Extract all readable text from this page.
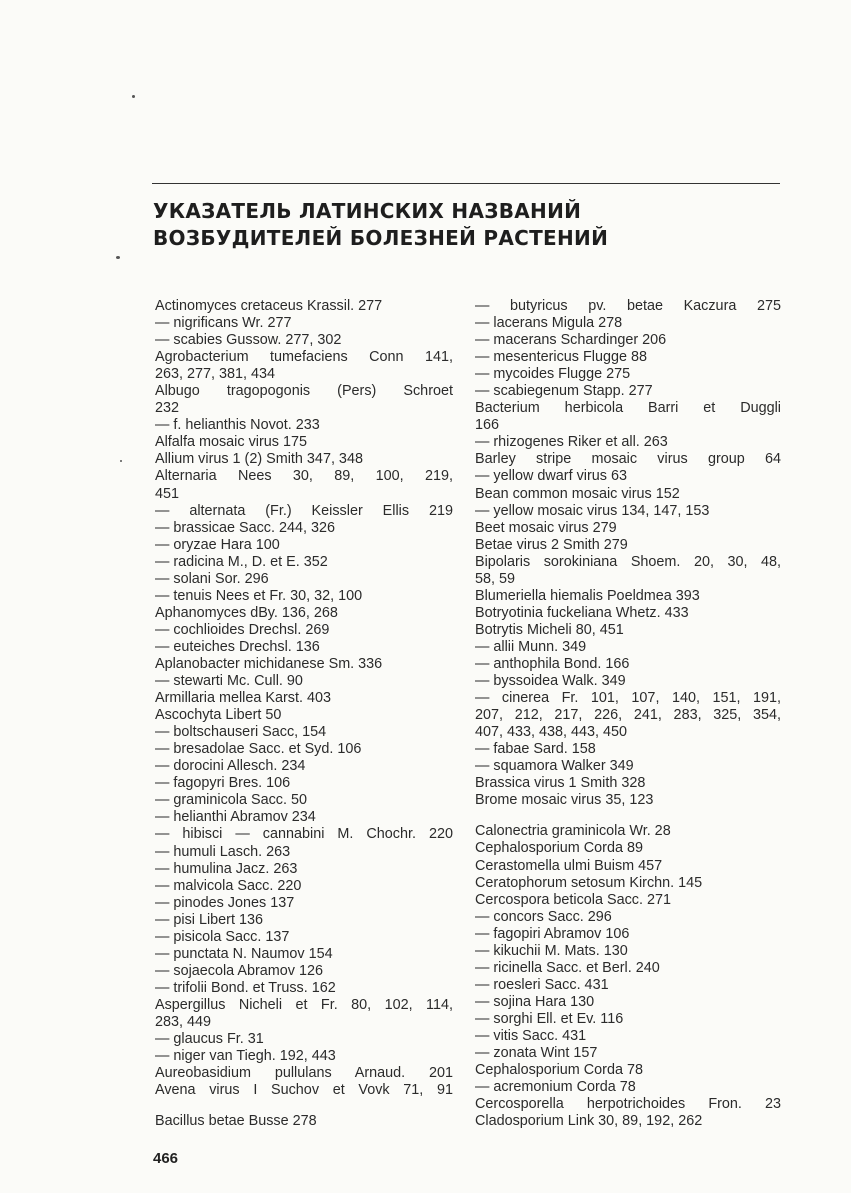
УКАЗАТЕЛЬ ЛАТИНСКИХ НАЗВАНИЙ
ВОЗБУДИТЕЛЕЙ БОЛЕЗНЕЙ РАСТЕНИЙ
Actinomyces cretaceus Krassil. 277
— nigrificans Wr. 277
— scabies Gussow. 277, 302
Agrobacterium tumefaciens Conn 141,
263, 277, 381, 434
Albugo tragopogonis (Pers) Schroet
232
— f. helianthis Novot. 233
Alfalfa mosaic virus 175
Allium virus 1 (2) Smith 347, 348
Alternaria Nees 30, 89, 100, 219,
451
— alternata (Fr.) Keissler Ellis 219
— brassicae Sacc. 244, 326
— oryzae Hara 100
— radicina M., D. et E. 352
— solani Sor. 296
— tenuis Nees et Fr. 30, 32, 100
Aphanomyces dBy. 136, 268
— cochlioides Drechsl. 269
— euteiches Drechsl. 136
Aplanobacter michidanese Sm. 336
— stewarti Mc. Cull. 90
Armillaria mellea Karst. 403
Ascochyta Libert 50
— boltschauseri Sacc, 154
— bresadolae Sacc. et Syd. 106
— dorocini Allesch. 234
— fagopyri Bres. 106
— graminicola Sacc. 50
— helianthi Abramov 234
— hibisci — cannabini M. Chochr. 220
— humuli Lasch. 263
— humulina Jacz. 263
— malvicola Sacc. 220
— pinodes Jones 137
— pisi Libert 136
— pisicola Sacc. 137
— punctata N. Naumov 154
— sojaecola Abramov 126
— trifolii Bond. et Truss. 162
Aspergillus Nicheli et Fr. 80, 102, 114,
283, 449
— glaucus Fr. 31
— niger van Tiegh. 192, 443
Aureobasidium pullulans Arnaud. 201
Avena virus I Suchov et Vovk 71, 91
Bacillus betae Busse 278
— butyricus pv. betae Kaczura 275
— lacerans Migula 278
— macerans Schardinger 206
— mesentericus Flugge 88
— mycoides Flugge 275
— scabiegenum Stapp. 277
Bacterium herbicola Barri et Duggli
166
— rhizogenes Riker et all. 263
Barley stripe mosaic virus group 64
— yellow dwarf virus 63
Bean common mosaic virus 152
— yellow mosaic virus 134, 147, 153
Beet mosaic virus 279
Betae virus 2 Smith 279
Bipolaris sorokiniana Shoem. 20, 30, 48,
58, 59
Blumeriella hiemalis Poeldmea 393
Botryotinia fuckeliana Whetz. 433
Botrytis Micheli 80, 451
— allii Munn. 349
— anthophila Bond. 166
— byssoidea Walk. 349
— cinerea Fr. 101, 107, 140, 151, 191,
207, 212, 217, 226, 241, 283, 325, 354,
407, 433, 438, 443, 450
— fabae Sard. 158
— squamora Walker 349
Brassica virus 1 Smith 328
Brome mosaic virus 35, 123
Calonectria graminicola Wr. 28
Cephalosporium Corda 89
Cerastomella ulmi Buism 457
Ceratophorum setosum Kirchn. 145
Cercospora beticola Sacc. 271
— concors Sacc. 296
— fagopiri Abramov 106
— kikuchii M. Mats. 130
— ricinella Sacc. et Berl. 240
— roesleri Sacc. 431
— sojina Hara 130
— sorghi Ell. et Ev. 116
— vitis Sacc. 431
— zonata Wint 157
Cephalosporium Corda 78
— acremonium Corda 78
Cercosporella herpotrichoides Fron. 23
Cladosporium Link 30, 89, 192, 262
466
